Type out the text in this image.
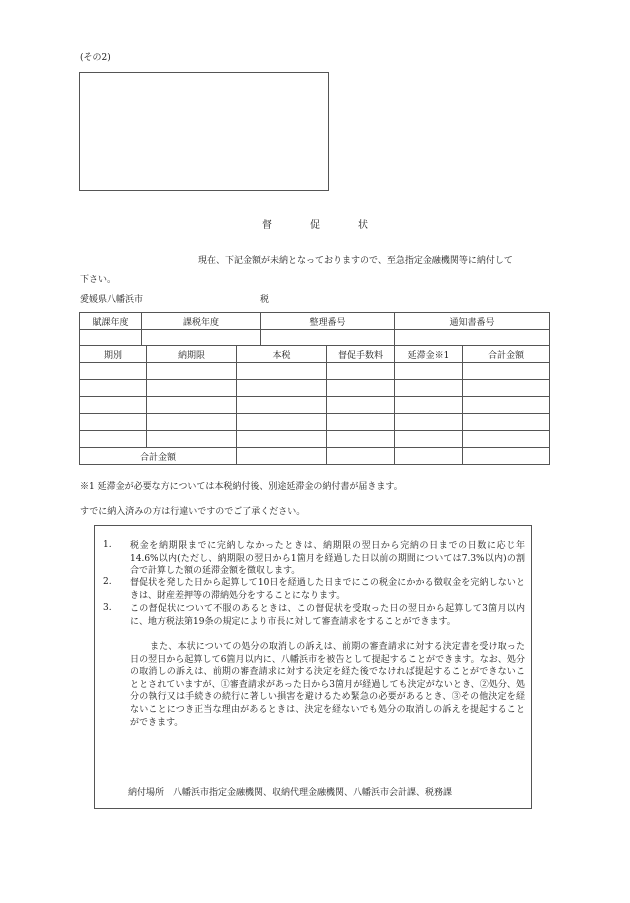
(その2)
督促状
現在、下記金額が未納となっておりますので、至急指定金融機関等に納付して
下さい。
愛媛県八幡浜市	税
賦課年度	課税年度	整理番号	通知書番号

期別	納期限	本税	督促手数料	延滞金※1	合計金額

合計金額					
※1 延滞金が必要な方については本税納付後、別途延滞金の納付書が届きます。
すでに納入済みの方は行違いですのでご了承ください。
1. 税金を納期限までに完納しなかったときは、納期限の翌日から完納の日までの日数に応じ年14.6%以内(ただし、納期限の翌日から1箇月を経過した日以前の期間については7.3%以内)の割合で計算した額の延滞金額を徴収します。
2. 督促状を発した日から起算して10日を経過した日までにこの税金にかかる徴収金を完納しないときは、財産差押等の滞納処分をすることになります。
3. この督促状について不服のあるときは、この督促状を受取った日の翌日から起算して3箇月以内に、地方税法第19条の規定により市長に対して審査請求をすることができます。
また、本状についての処分の取消しの訴えは、前期の審査請求に対する決定書を受け取った日の翌日から起算して6箇月以内に、八幡浜市を被告として提起することができます。なお、処分の取消しの訴えは、前期の審査請求に対する決定を経た後でなければ提起することができないこととされていますが、①審査請求があった日から3箇月が経過しても決定がないとき、②処分、処分の執行又は手続きの続行に著しい損害を避けるため緊急の必要があるとき、③その他決定を経ないことにつき正当な理由があるときは、決定を経ないでも処分の取消しの訴えを提起することができます。
納付場所　八幡浜市指定金融機関、収納代理金融機関、八幡浜市会計課、税務課
